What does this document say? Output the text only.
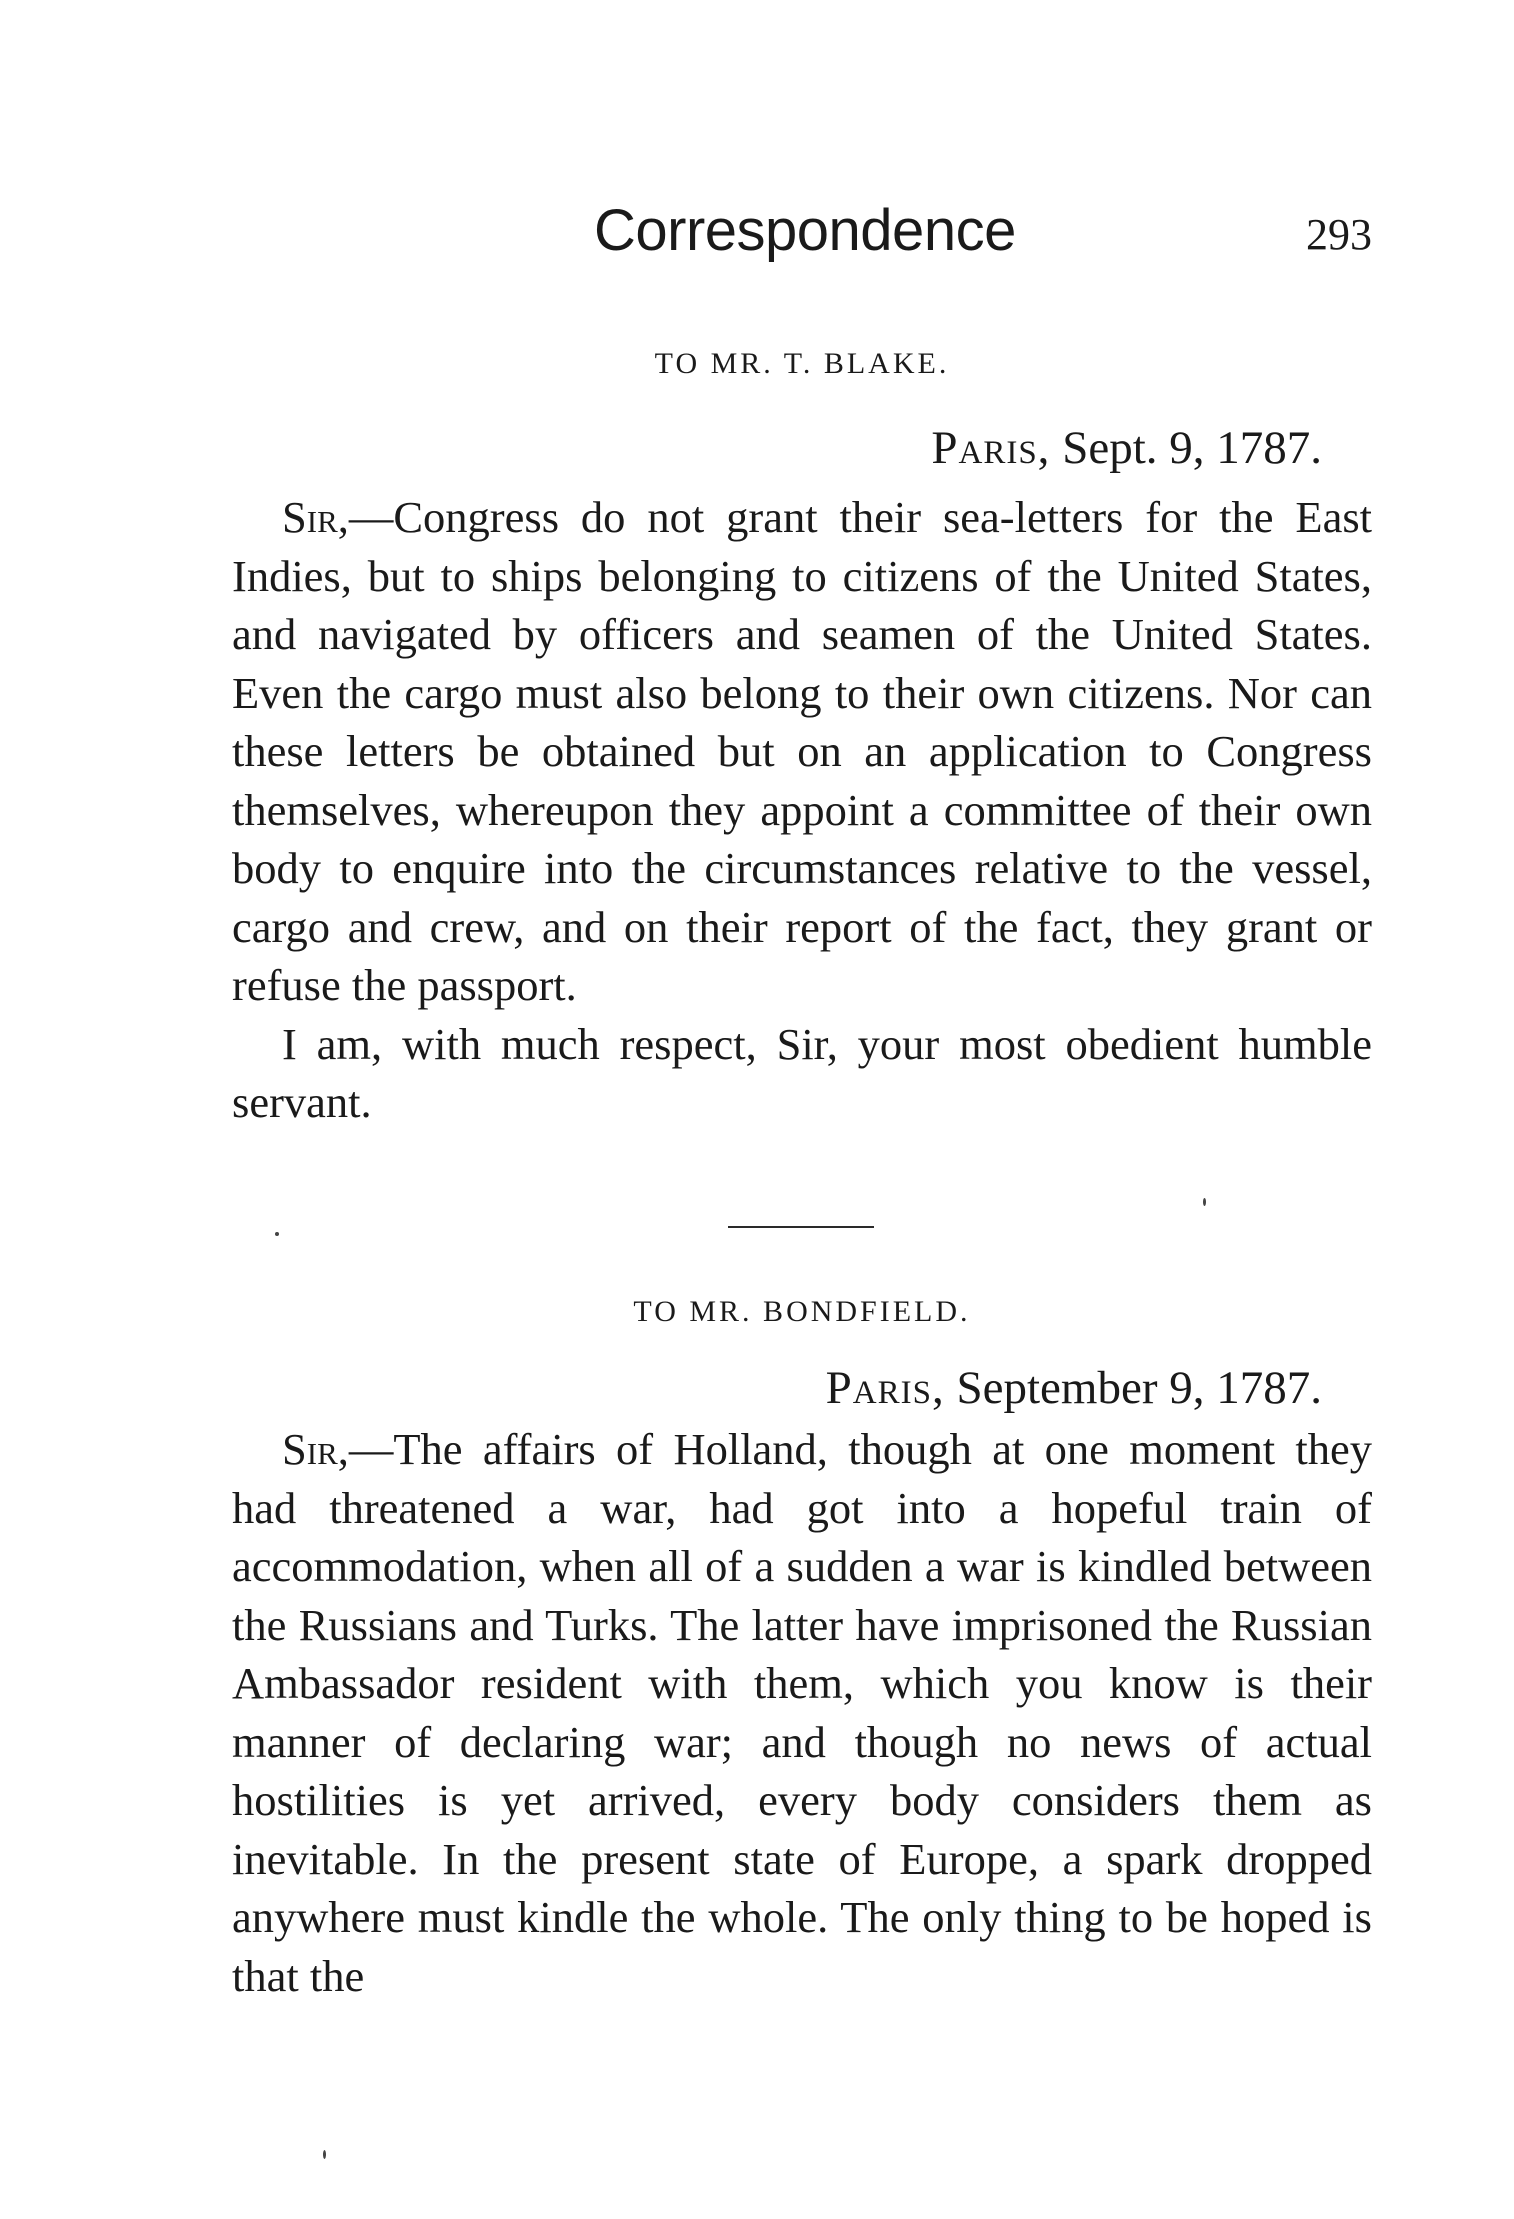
Correspondence	293
TO MR. T. BLAKE.
Paris, Sept. 9, 1787.

Sir,—Congress do not grant their sea-letters for the East Indies, but to ships belonging to citizens of the United States, and navigated by officers and seamen of the United States. Even the cargo must also belong to their own citizens. Nor can these letters be obtained but on an application to Congress themselves, whereupon they appoint a committee of their own body to enquire into the circumstances relative to the vessel, cargo and crew, and on their report of the fact, they grant or refuse the passport.

I am, with much respect, Sir, your most obedient humble servant.

TO MR. BONDFIELD.
Paris, September 9, 1787.

Sir,—The affairs of Holland, though at one moment they had threatened a war, had got into a hopeful train of accommodation, when all of a sudden a war is kindled between the Russians and Turks. The latter have imprisoned the Russian Ambassador resident with them, which you know is their manner of declaring war; and though no news of actual hostilities is yet arrived, every body considers them as inevitable. In the present state of Europe, a spark dropped anywhere must kindle the whole. The only thing to be hoped is that the
